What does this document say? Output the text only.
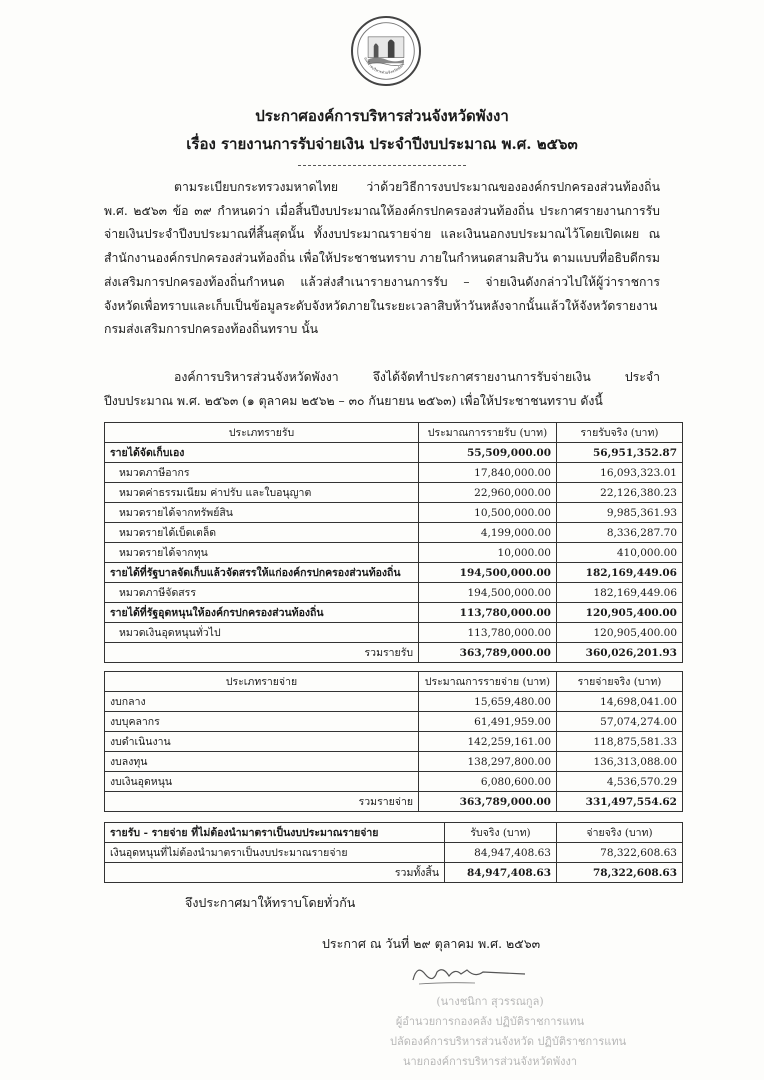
องค์การบริหารส่วนจังหวัดพังงา
ประกาศองค์การบริหารส่วนจังหวัดพังงา
เรื่อง รายงานการรับจ่ายเงิน ประจำปีงบประมาณ พ.ศ. ๒๕๖๓
ตามระเบียบกระทรวงมหาดไทย ว่าด้วยวิธีการงบประมาณขององค์กรปกครองส่วนท้องถิ่น พ.ศ. ๒๕๖๓ ข้อ ๓๙ กำหนดว่า เมื่อสิ้นปีงบประมาณให้องค์กรปกครองส่วนท้องถิ่น ประกาศรายงานการรับจ่ายเงินประจำปีงบประมาณที่สิ้นสุดนั้น ทั้งงบประมาณรายจ่าย และเงินนอกงบประมาณไว้โดยเปิดเผย ณ สำนักงานองค์กรปกครองส่วนท้องถิ่น เพื่อให้ประชาชนทราบ ภายในกำหนดสามสิบวัน ตามแบบที่อธิบดีกรมส่งเสริมการปกครองท้องถิ่นกำหนด แล้วส่งสำเนารายงานการรับ – จ่ายเงินดังกล่าวไปให้ผู้ว่าราชการจังหวัดเพื่อทราบและเก็บเป็นข้อมูลระดับจังหวัดภายในระยะเวลาสิบห้าวันหลังจากนั้นแล้วให้จังหวัดรายงานกรมส่งเสริมการปกครองท้องถิ่นทราบ นั้น
องค์การบริหารส่วนจังหวัดพังงา จึงได้จัดทำประกาศรายงานการรับจ่ายเงิน ประจำปีงบประมาณ พ.ศ. ๒๕๖๓ (๑ ตุลาคม ๒๕๖๒ – ๓๐ กันยายน ๒๕๖๓) เพื่อให้ประชาชนทราบ ดังนี้
ประเภทรายรับ	ประมาณการรายรับ (บาท)	รายรับจริง (บาท)
รายได้จัดเก็บเอง	55,509,000.00	56,951,352.87
หมวดภาษีอากร	17,840,000.00	16,093,323.01
หมวดค่าธรรมเนียม ค่าปรับ และใบอนุญาต	22,960,000.00	22,126,380.23
หมวดรายได้จากทรัพย์สิน	10,500,000.00	9,985,361.93
หมวดรายได้เบ็ดเตล็ด	4,199,000.00	8,336,287.70
หมวดรายได้จากทุน	10,000.00	410,000.00
รายได้ที่รัฐบาลจัดเก็บแล้วจัดสรรให้แก่องค์กรปกครองส่วนท้องถิ่น	194,500,000.00	182,169,449.06
หมวดภาษีจัดสรร	194,500,000.00	182,169,449.06
รายได้ที่รัฐอุดหนุนให้องค์กรปกครองส่วนท้องถิ่น	113,780,000.00	120,905,400.00
หมวดเงินอุดหนุนทั่วไป	113,780,000.00	120,905,400.00
รวมรายรับ	363,789,000.00	360,026,201.93
ประเภทรายจ่าย	ประมาณการรายจ่าย (บาท)	รายจ่ายจริง (บาท)
งบกลาง	15,659,480.00	14,698,041.00
งบบุคลากร	61,491,959.00	57,074,274.00
งบดำเนินงาน	142,259,161.00	118,875,581.33
งบลงทุน	138,297,800.00	136,313,088.00
งบเงินอุดหนุน	6,080,600.00	4,536,570.29
รวมรายจ่าย	363,789,000.00	331,497,554.62
รายรับ - รายจ่าย ที่ไม่ต้องนำมาตราเป็นงบประมาณรายจ่าย	รับจริง (บาท)	จ่ายจริง (บาท)
เงินอุดหนุนที่ไม่ต้องนำมาตราเป็นงบประมาณรายจ่าย	84,947,408.63	78,322,608.63
รวมทั้งสิ้น	84,947,408.63	78,322,608.63
จึงประกาศมาให้ทราบโดยทั่วกัน
ประกาศ ณ วันที่ ๒๙ ตุลาคม พ.ศ. ๒๕๖๓
(นางชนิกา สุวรรณกูล)
ผู้อำนวยการกองคลัง ปฏิบัติราชการแทน
ปลัดองค์การบริหารส่วนจังหวัด ปฏิบัติราชการแทน
นายกองค์การบริหารส่วนจังหวัดพังงา
